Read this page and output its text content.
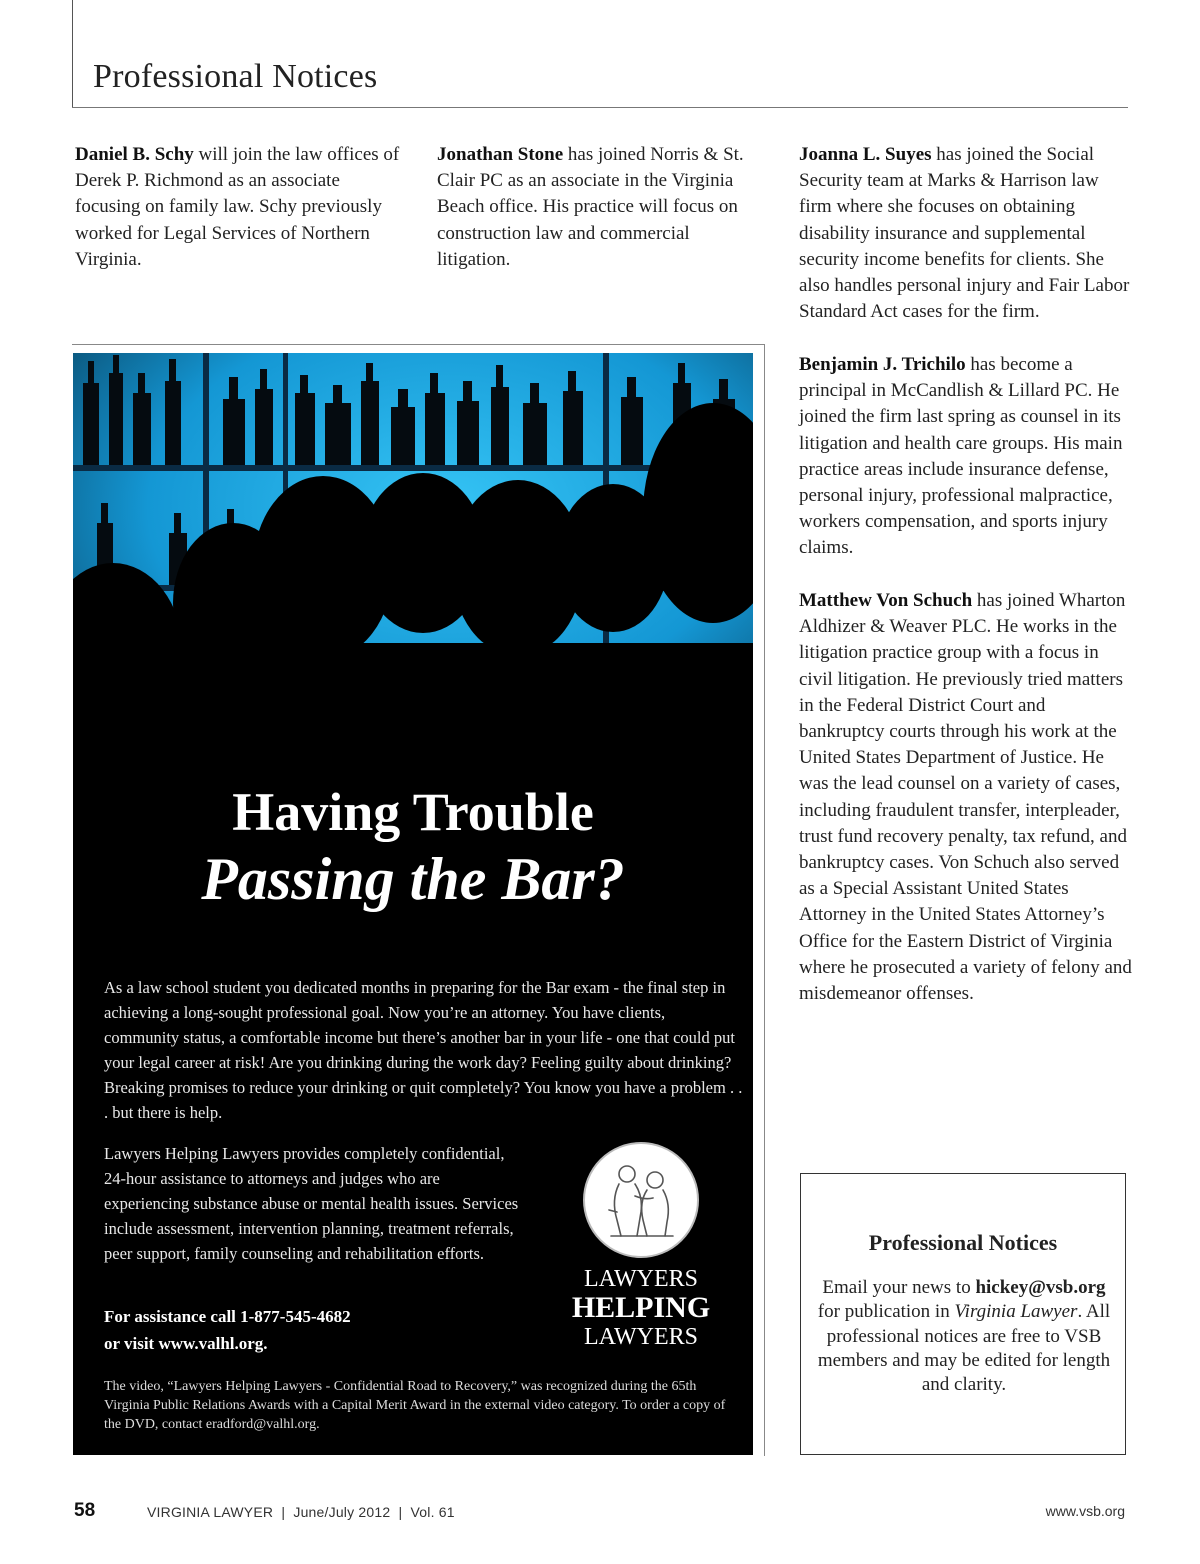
Professional Notices

Daniel B. Schy will join the law offices of Derek P. Richmond as an associate focusing on family law. Schy previously worked for Legal Services of Northern Virginia.

Jonathan Stone has joined Norris & St. Clair PC as an associate in the Virginia Beach office. His practice will focus on construction law and commercial litigation.

Joanna L. Suyes has joined the Social Security team at Marks & Harrison law firm where she focuses on obtaining disability insurance and supplemental security income benefits for clients. She also handles personal injury and Fair Labor Standard Act cases for the firm.

Benjamin J. Trichilo has become a principal in McCandlish & Lillard PC. He joined the firm last spring as counsel in its litigation and health care groups. His main practice areas include insurance defense, personal injury, professional malpractice, workers compensation, and sports injury claims.

Matthew Von Schuch has joined Wharton Aldhizer & Weaver PLC. He works in the litigation practice group with a focus in civil litigation. He previously tried matters in the Federal District Court and bankruptcy courts through his work at the United States Department of Justice. He was the lead counsel on a variety of cases, including fraudulent transfer, interpleader, trust fund recovery penalty, tax refund, and bankruptcy cases. Von Schuch also served as a Special Assistant United States Attorney in the United States Attorney’s Office for the Eastern District of Virginia where he prosecuted a variety of felony and misdemeanor offenses.

Having Trouble
Passing the Bar?

As a law school student you dedicated months in preparing for the Bar exam - the final step in achieving a long-sought professional goal. Now you’re an attorney. You have clients, community status, a comfortable income but there’s another bar in your life - one that could put your legal career at risk! Are you drinking during the work day? Feeling guilty about drinking? Breaking promises to reduce your drinking or quit completely? You know you have a problem . . . but there is help.

Lawyers Helping Lawyers provides completely confidential, 24-hour assistance to attorneys and judges who are experiencing substance abuse or mental health issues. Services include assessment, intervention planning, treatment referrals, peer support, family counseling and rehabilitation efforts.

For assistance call 1-877-545-4682
or visit www.valhl.org.

LAWYERS
HELPING
LAWYERS

The video, “Lawyers Helping Lawyers - Confidential Road to Recovery,” was recognized during the 65th Virginia Public Relations Awards with a Capital Merit Award in the external video category. To order a copy of the DVD, contact eradford@valhl.org.

Professional Notices

Email your news to hickey@vsb.org for publication in Virginia Lawyer. All professional notices are free to VSB members and may be edited for length and clarity.

58	VIRGINIA LAWYER  |  June/July 2012  |  Vol. 61	www.vsb.org
